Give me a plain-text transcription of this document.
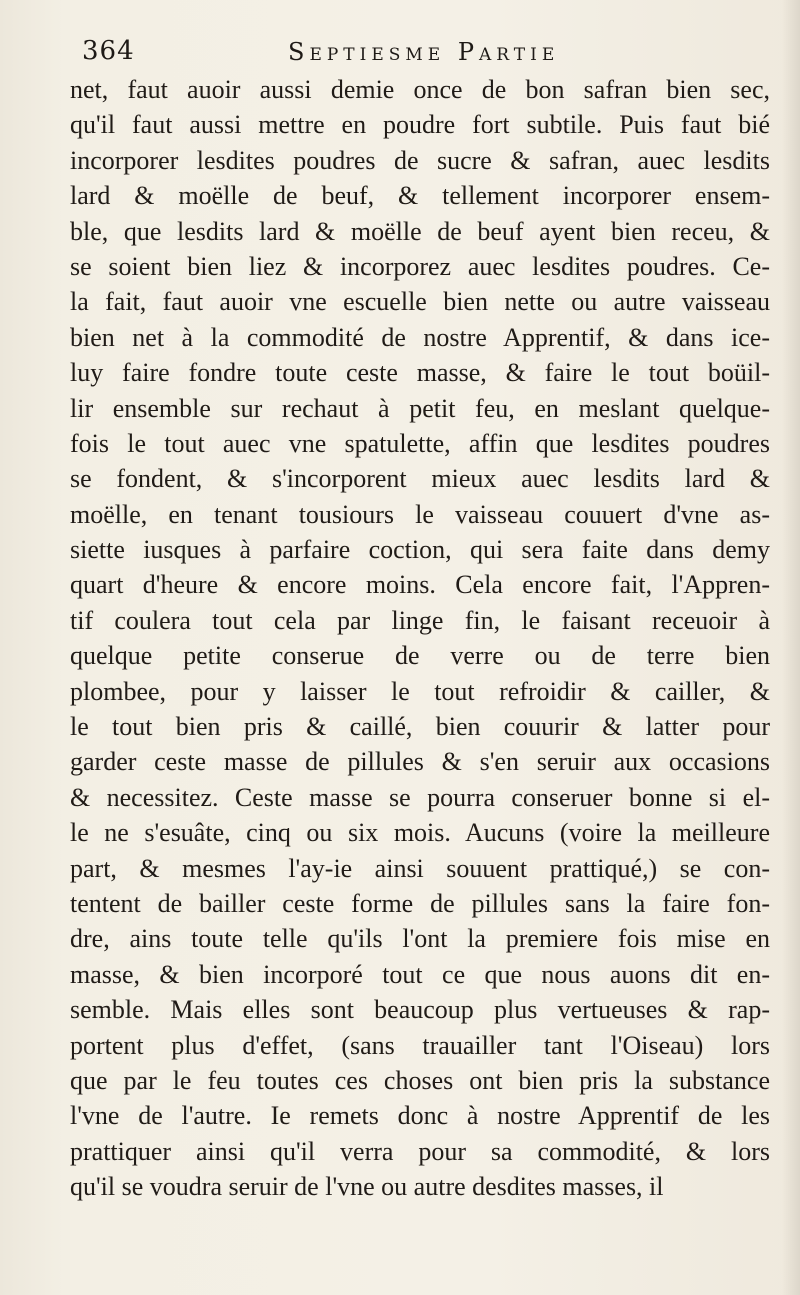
364	Septiesme Partie
net, faut auoir aussi demie once de bon safran bien sec,
qu'il faut aussi mettre en poudre fort subtile. Puis faut bié
incorporer lesdites poudres de sucre & safran, auec lesdits
lard & moëlle de beuf, & tellement incorporer ensem-
ble, que lesdits lard & moëlle de beuf ayent bien receu, &
se soient bien liez & incorporez auec lesdites poudres. Ce-
la fait, faut auoir vne escuelle bien nette ou autre vaisseau
bien net à la commodité de nostre Apprentif, & dans ice-
luy faire fondre toute ceste masse, & faire le tout boüil-
lir ensemble sur rechaut à petit feu, en meslant quelque-
fois le tout auec vne spatulette, affin que lesdites poudres
se fondent, & s'incorporent mieux auec lesdits lard &
moëlle, en tenant tousiours le vaisseau couuert d'vne as-
siette iusques à parfaire coction, qui sera faite dans demy
quart d'heure & encore moins. Cela encore fait, l'Appren-
tif coulera tout cela par linge fin, le faisant receuoir à
quelque petite conserue de verre ou de terre bien
plombee, pour y laisser le tout refroidir & cailler, &
le tout bien pris & caillé, bien couurir & latter pour
garder ceste masse de pillules & s'en seruir aux occasions
& necessitez. Ceste masse se pourra conseruer bonne si el-
le ne s'esuâte, cinq ou six mois. Aucuns (voire la meilleure
part, & mesmes l'ay-ie ainsi souuent prattiqué,) se con-
tentent de bailler ceste forme de pillules sans la faire fon-
dre, ains toute telle qu'ils l'ont la premiere fois mise en
masse, & bien incorporé tout ce que nous auons dit en-
semble. Mais elles sont beaucoup plus vertueuses & rap-
portent plus d'effet, (sans trauailler tant l'Oiseau) lors
que par le feu toutes ces choses ont bien pris la substance
l'vne de l'autre. Ie remets donc à nostre Apprentif de les
prattiquer ainsi qu'il verra pour sa commodité, & lors
qu'il se voudra seruir de l'vne ou autre desdites masses, il
